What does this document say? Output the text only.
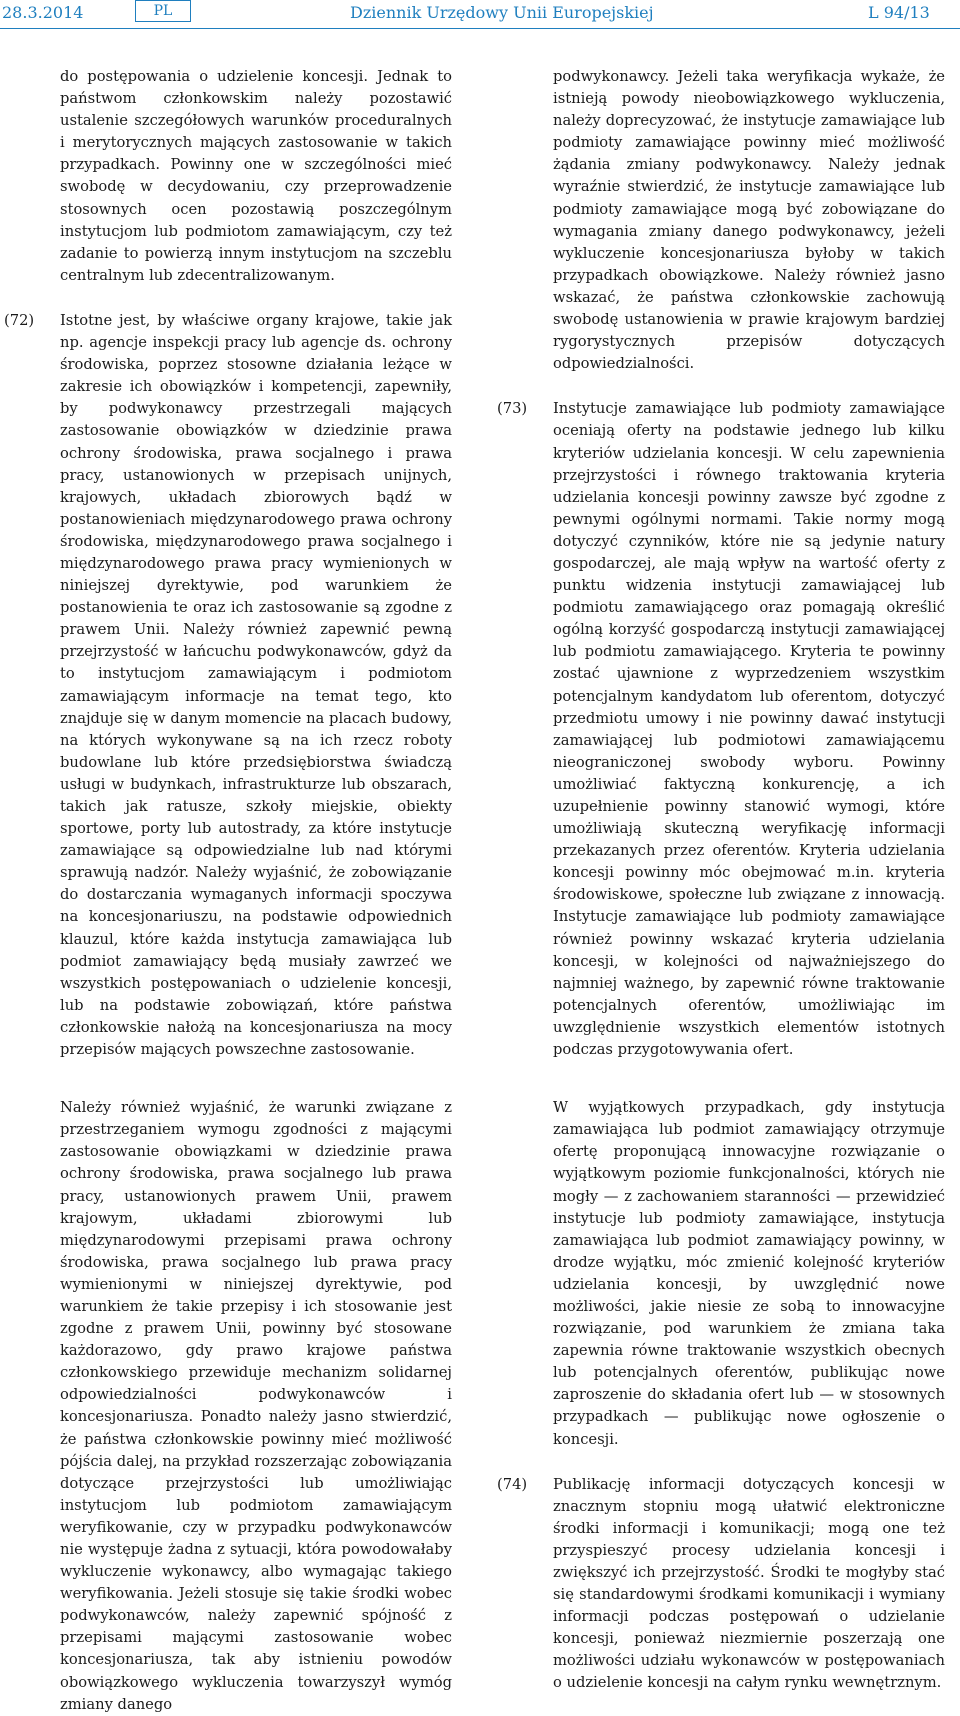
28.3.2014	PL	Dziennik Urzędowy Unii Europejskiej	L 94/13

do postępowania o udzielenie koncesji. Jednak to państwom członkowskim należy pozostawić ustalenie szczegółowych warunków proceduralnych i merytorycznych mających zastosowanie w takich przypadkach. Powinny one w szczególności mieć swobodę w decydowaniu, czy przeprowadzenie stosownych ocen pozostawią poszczególnym instytucjom lub podmiotom zamawiającym, czy też zadanie to powierzą innym instytucjom na szczeblu centralnym lub zdecentralizowanym.

(72) Istotne jest, by właściwe organy krajowe, takie jak np. agencje inspekcji pracy lub agencje ds. ochrony środowiska, poprzez stosowne działania leżące w zakresie ich obowiązków i kompetencji, zapewniły, by podwykonawcy przestrzegali mających zastosowanie obowiązków w dziedzinie prawa ochrony środowiska, prawa socjalnego i prawa pracy, ustanowionych w przepisach unijnych, krajowych, układach zbiorowych bądź w postanowieniach międzynarodowego prawa ochrony środowiska, międzynarodowego prawa socjalnego i międzynarodowego prawa pracy wymienionych w niniejszej dyrektywie, pod warunkiem że postanowienia te oraz ich zastosowanie są zgodne z prawem Unii. Należy również zapewnić pewną przejrzystość w łańcuchu podwykonawców, gdyż da to instytucjom zamawiającym i podmiotom zamawiającym informacje na temat tego, kto znajduje się w danym momencie na placach budowy, na których wykonywane są na ich rzecz roboty budowlane lub które przedsiębiorstwa świadczą usługi w budynkach, infrastrukturze lub obszarach, takich jak ratusze, szkoły miejskie, obiekty sportowe, porty lub autostrady, za które instytucje zamawiające są odpowiedzialne lub nad którymi sprawują nadzór. Należy wyjaśnić, że zobowiązanie do dostarczania wymaganych informacji spoczywa na koncesjonariuszu, na podstawie odpowiednich klauzul, które każda instytucja zamawiająca lub podmiot zamawiający będą musiały zawrzeć we wszystkich postępowaniach o udzielenie koncesji, lub na podstawie zobowiązań, które państwa członkowskie nałożą na koncesjonariusza na mocy przepisów mających powszechne zastosowanie.

Należy również wyjaśnić, że warunki związane z przestrzeganiem wymogu zgodności z mającymi zastosowanie obowiązkami w dziedzinie prawa ochrony środowiska, prawa socjalnego lub prawa pracy, ustanowionych prawem Unii, prawem krajowym, układami zbiorowymi lub międzynarodowymi przepisami prawa ochrony środowiska, prawa socjalnego lub prawa pracy wymienionymi w niniejszej dyrektywie, pod warunkiem że takie przepisy i ich stosowanie jest zgodne z prawem Unii, powinny być stosowane każdorazowo, gdy prawo krajowe państwa członkowskiego przewiduje mechanizm solidarnej odpowiedzialności podwykonawców i koncesjonariusza. Ponadto należy jasno stwierdzić, że państwa członkowskie powinny mieć możliwość pójścia dalej, na przykład rozszerzając zobowiązania dotyczące przejrzystości lub umożliwiając instytucjom lub podmiotom zamawiającym weryfikowanie, czy w przypadku podwykonawców nie występuje żadna z sytuacji, która powodowałaby wykluczenie wykonawcy, albo wymagając takiego weryfikowania. Jeżeli stosuje się takie środki wobec podwykonawców, należy zapewnić spójność z przepisami mającymi zastosowanie wobec koncesjonariusza, tak aby istnieniu powodów obowiązkowego wykluczenia towarzyszył wymóg zmiany danego

podwykonawcy. Jeżeli taka weryfikacja wykaże, że istnieją powody nieobowiązkowego wykluczenia, należy doprecyzować, że instytucje zamawiające lub podmioty zamawiające powinny mieć możliwość żądania zmiany podwykonawcy. Należy jednak wyraźnie stwierdzić, że instytucje zamawiające lub podmioty zamawiające mogą być zobowiązane do wymagania zmiany danego podwykonawcy, jeżeli wykluczenie koncesjonariusza byłoby w takich przypadkach obowiązkowe. Należy również jasno wskazać, że państwa członkowskie zachowują swobodę ustanowienia w prawie krajowym bardziej rygorystycznych przepisów dotyczących odpowiedzialności.

(73) Instytucje zamawiające lub podmioty zamawiające oceniają oferty na podstawie jednego lub kilku kryteriów udzielania koncesji. W celu zapewnienia przejrzystości i równego traktowania kryteria udzielania koncesji powinny zawsze być zgodne z pewnymi ogólnymi normami. Takie normy mogą dotyczyć czynników, które nie są jedynie natury gospodarczej, ale mają wpływ na wartość oferty z punktu widzenia instytucji zamawiającej lub podmiotu zamawiającego oraz pomagają określić ogólną korzyść gospodarczą instytucji zamawiającej lub podmiotu zamawiającego. Kryteria te powinny zostać ujawnione z wyprzedzeniem wszystkim potencjalnym kandydatom lub oferentom, dotyczyć przedmiotu umowy i nie powinny dawać instytucji zamawiającej lub podmiotowi zamawiającemu nieograniczonej swobody wyboru. Powinny umożliwiać faktyczną konkurencję, a ich uzupełnienie powinny stanowić wymogi, które umożliwiają skuteczną weryfikację informacji przekazanych przez oferentów. Kryteria udzielania koncesji powinny móc obejmować m.in. kryteria środowiskowe, społeczne lub związane z innowacją. Instytucje zamawiające lub podmioty zamawiające również powinny wskazać kryteria udzielania koncesji, w kolejności od najważniejszego do najmniej ważnego, by zapewnić równe traktowanie potencjalnych oferentów, umożliwiając im uwzględnienie wszystkich elementów istotnych podczas przygotowywania ofert.

W wyjątkowych przypadkach, gdy instytucja zamawiająca lub podmiot zamawiający otrzymuje ofertę proponującą innowacyjne rozwiązanie o wyjątkowym poziomie funkcjonalności, których nie mogły — z zachowaniem staranności — przewidzieć instytucje lub podmioty zamawiające, instytucja zamawiająca lub podmiot zamawiający powinny, w drodze wyjątku, móc zmienić kolejność kryteriów udzielania koncesji, by uwzględnić nowe możliwości, jakie niesie ze sobą to innowacyjne rozwiązanie, pod warunkiem że zmiana taka zapewnia równe traktowanie wszystkich obecnych lub potencjalnych oferentów, publikując nowe zaproszenie do składania ofert lub — w stosownych przypadkach — publikując nowe ogłoszenie o koncesji.

(74) Publikację informacji dotyczących koncesji w znacznym stopniu mogą ułatwić elektroniczne środki informacji i komunikacji; mogą one też przyspieszyć procesy udzielania koncesji i zwiększyć ich przejrzystość. Środki te mogłyby stać się standardowymi środkami komunikacji i wymiany informacji podczas postępowań o udzielanie koncesji, ponieważ niezmiernie poszerzają one możliwości udziału wykonawców w postępowaniach o udzielenie koncesji na całym rynku wewnętrznym.
